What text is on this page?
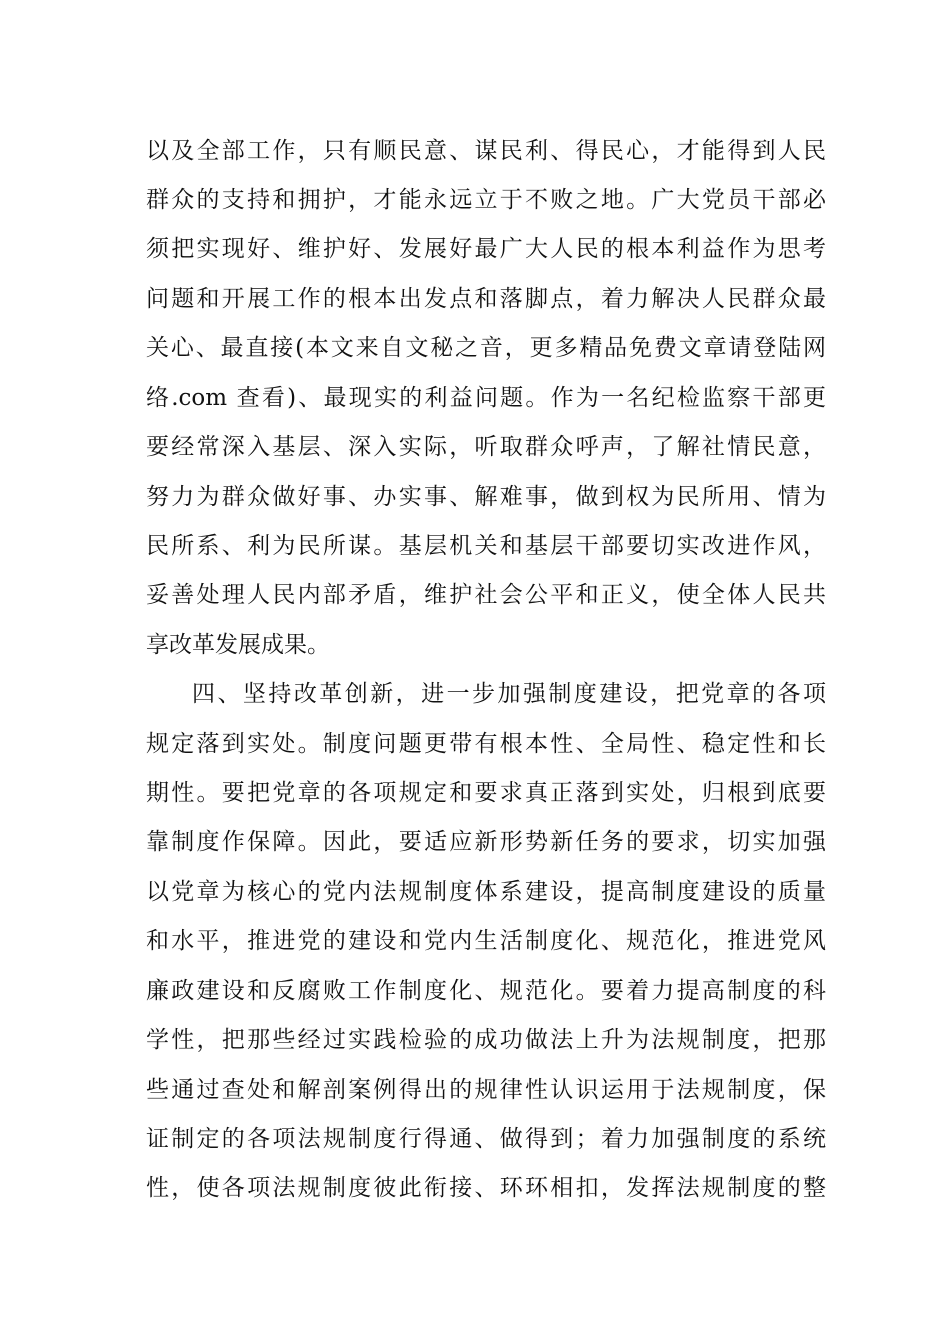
以及全部工作，只有顺民意、谋民利、得民心，才能得到人民
群众的支持和拥护，才能永远立于不败之地。广大党员干部必
须把实现好、维护好、发展好最广大人民的根本利益作为思考
问题和开展工作的根本出发点和落脚点，着力解决人民群众最
关心、最直接(本文来自文秘之音，更多精品免费文章请登陆网
络.com 查看)、最现实的利益问题。作为一名纪检监察干部更
要经常深入基层、深入实际，听取群众呼声，了解社情民意，
努力为群众做好事、办实事、解难事，做到权为民所用、情为
民所系、利为民所谋。基层机关和基层干部要切实改进作风，
妥善处理人民内部矛盾，维护社会公平和正义，使全体人民共
享改革发展成果。
四、坚持改革创新，进一步加强制度建设，把党章的各项
规定落到实处。制度问题更带有根本性、全局性、稳定性和长
期性。要把党章的各项规定和要求真正落到实处，归根到底要
靠制度作保障。因此，要适应新形势新任务的要求，切实加强
以党章为核心的党内法规制度体系建设，提高制度建设的质量
和水平，推进党的建设和党内生活制度化、规范化，推进党风
廉政建设和反腐败工作制度化、规范化。要着力提高制度的科
学性，把那些经过实践检验的成功做法上升为法规制度，把那
些通过查处和解剖案例得出的规律性认识运用于法规制度，保
证制定的各项法规制度行得通、做得到；着力加强制度的系统
性，使各项法规制度彼此衔接、环环相扣，发挥法规制度的整
